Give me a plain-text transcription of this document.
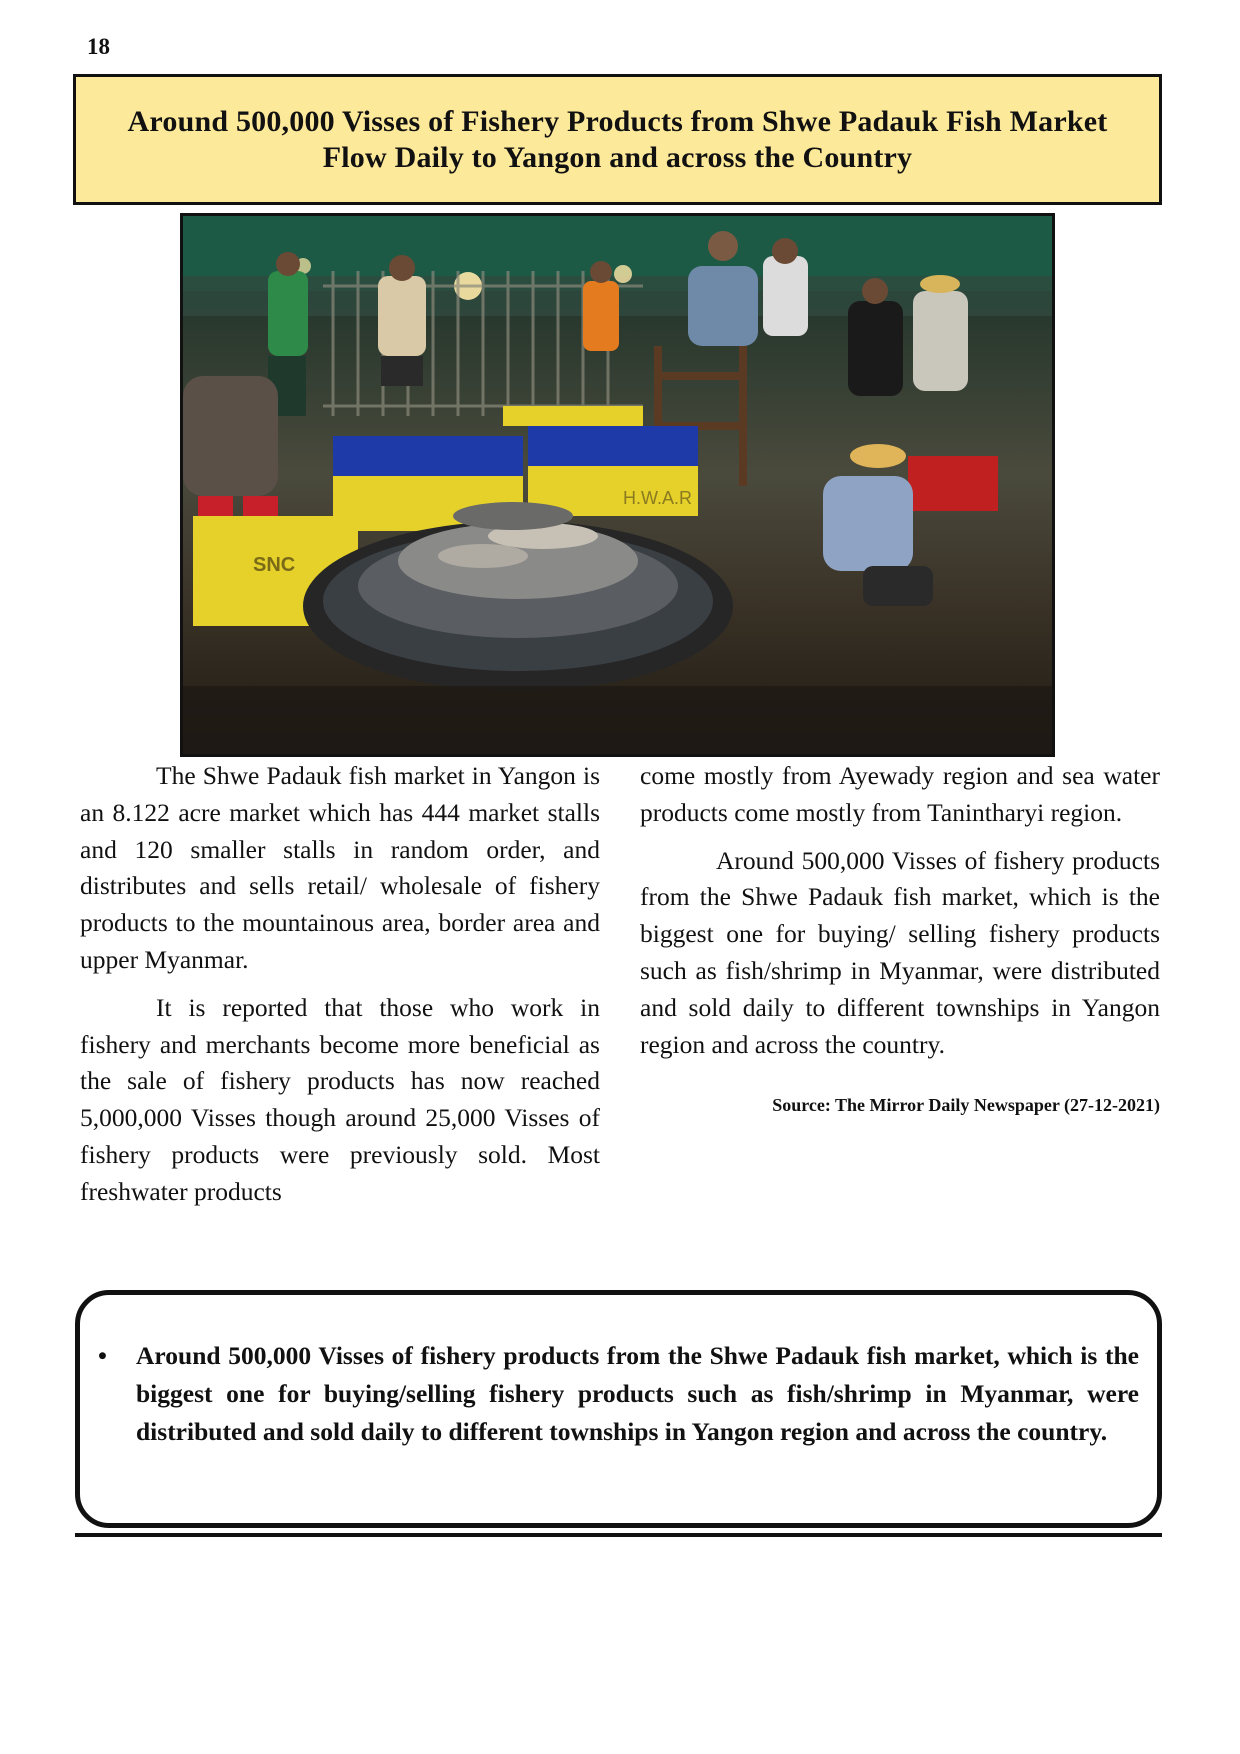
18
Around 500,000 Visses of Fishery Products from Shwe Padauk Fish Market
Flow Daily to Yangon and across the Country
H.W.A.R
SNC

The Shwe Padauk fish market in Yangon is an 8.122 acre market which has 444 market stalls and 120 smaller stalls in random order, and distributes and sells retail/ wholesale of fishery products to the mountainous area, border area and upper Myanmar.

It is reported that those who work in fishery and merchants become more beneficial as the sale of fishery products has now reached 5,000,000 Visses though around 25,000 Visses of fishery products were previously sold. Most freshwater products

come mostly from Ayewady region and sea water products come mostly from Tanintharyi region.

Around 500,000 Visses of fishery products from the Shwe Padauk fish market, which is the biggest one for buying/ selling fishery products such as fish/shrimp in Myanmar, were distributed and sold daily to different townships in Yangon region and across the country.

Source: The Mirror Daily Newspaper (27-12-2021)

• Around 500,000 Visses of fishery products from the Shwe Padauk fish market, which is the biggest one for buying/selling fishery products such as fish/shrimp in Myanmar, were distributed and sold daily to different townships in Yangon region and across the country.
